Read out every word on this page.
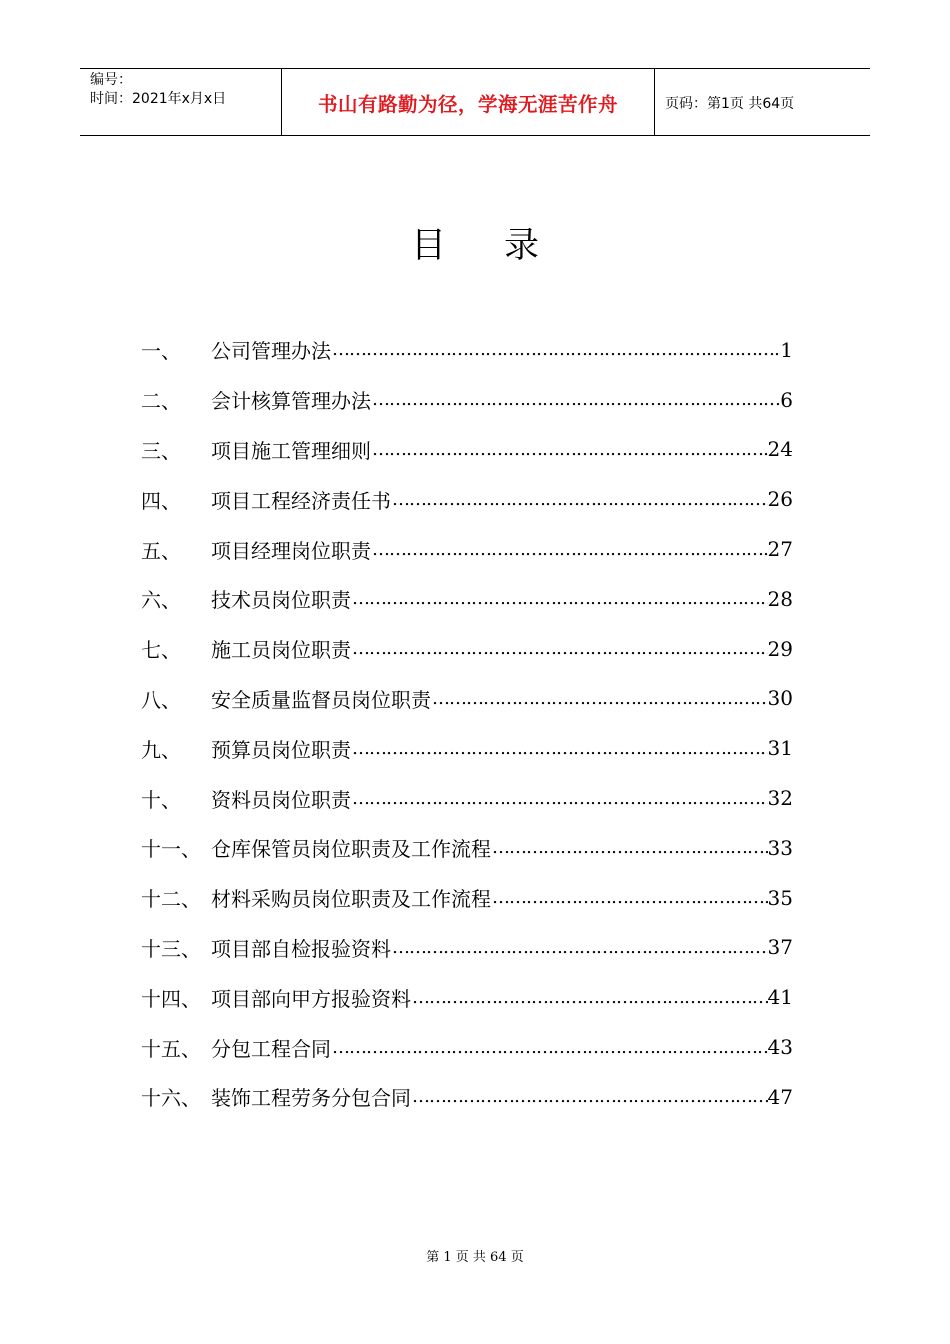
编号：
时间：2021年x月x日	书山有路勤为径，学海无涯苦作舟	页码：第1页 共64页
目 录
一、	公司管理办法 ……………………………………………………………………………………………………………………………	1
二、	会计核算管理办法 ……………………………………………………………………………………………………………………………	6
三、	项目施工管理细则 ……………………………………………………………………………………………………………………………	24
四、	项目工程经济责任书 ……………………………………………………………………………………………………………………………	26
五、	项目经理岗位职责 ……………………………………………………………………………………………………………………………	27
六、	技术员岗位职责 ……………………………………………………………………………………………………………………………	28
七、	施工员岗位职责 ……………………………………………………………………………………………………………………………	29
八、	安全质量监督员岗位职责 ……………………………………………………………………………………………………………………………	30
九、	预算员岗位职责 ……………………………………………………………………………………………………………………………	31
十、	资料员岗位职责 ……………………………………………………………………………………………………………………………	32
十一、 仓库保管员岗位职责及工作流程 ……………………………………………………………………………………………………………………………	33
十二、 材料采购员岗位职责及工作流程 ……………………………………………………………………………………………………………………………	35
十三、 项目部自检报验资料 ……………………………………………………………………………………………………………………………	37
十四、 项目部向甲方报验资料 ……………………………………………………………………………………………………………………………	41
十五、 分包工程合同 ……………………………………………………………………………………………………………………………	43
十六、 装饰工程劳务分包合同 ……………………………………………………………………………………………………………………………	47
第 1 页 共 64 页
